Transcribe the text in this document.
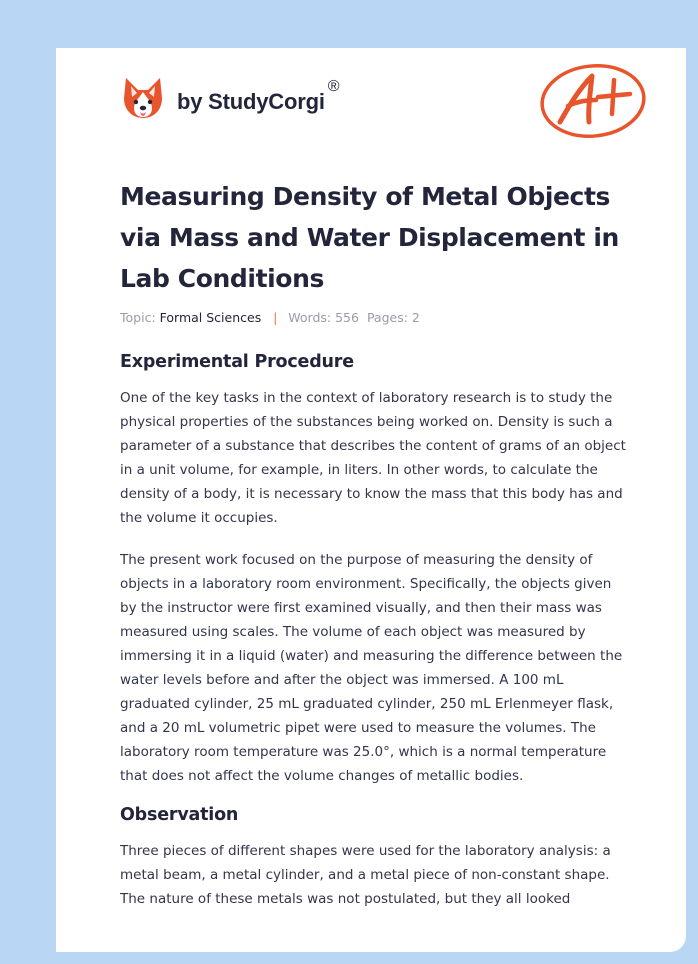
by StudyCorgi
®
Measuring Density of Metal Objects via Mass and Water Displacement in Lab Conditions
Topic: Formal Sciences | Words: 556 Pages: 2
Experimental Procedure

One of the key tasks in the context of laboratory research is to study the physical properties of the substances being worked on. Density is such a parameter of a substance that describes the content of grams of an object in a unit volume, for example, in liters. In other words, to calculate the density of a body, it is necessary to know the mass that this body has and the volume it occupies.

The present work focused on the purpose of measuring the density of objects in a laboratory room environment. Specifically, the objects given by the instructor were first examined visually, and then their mass was measured using scales. The volume of each object was measured by immersing it in a liquid (water) and measuring the difference between the water levels before and after the object was immersed. A 100 mL graduated cylinder, 25 mL graduated cylinder, 250 mL Erlenmeyer flask, and a 20 mL volumetric pipet were used to measure the volumes. The laboratory room temperature was 25.0°, which is a normal temperature that does not affect the volume changes of metallic bodies.

Observation

Three pieces of different shapes were used for the laboratory analysis: a metal beam, a metal cylinder, and a metal piece of non-constant shape. The nature of these metals was not postulated, but they all looked
